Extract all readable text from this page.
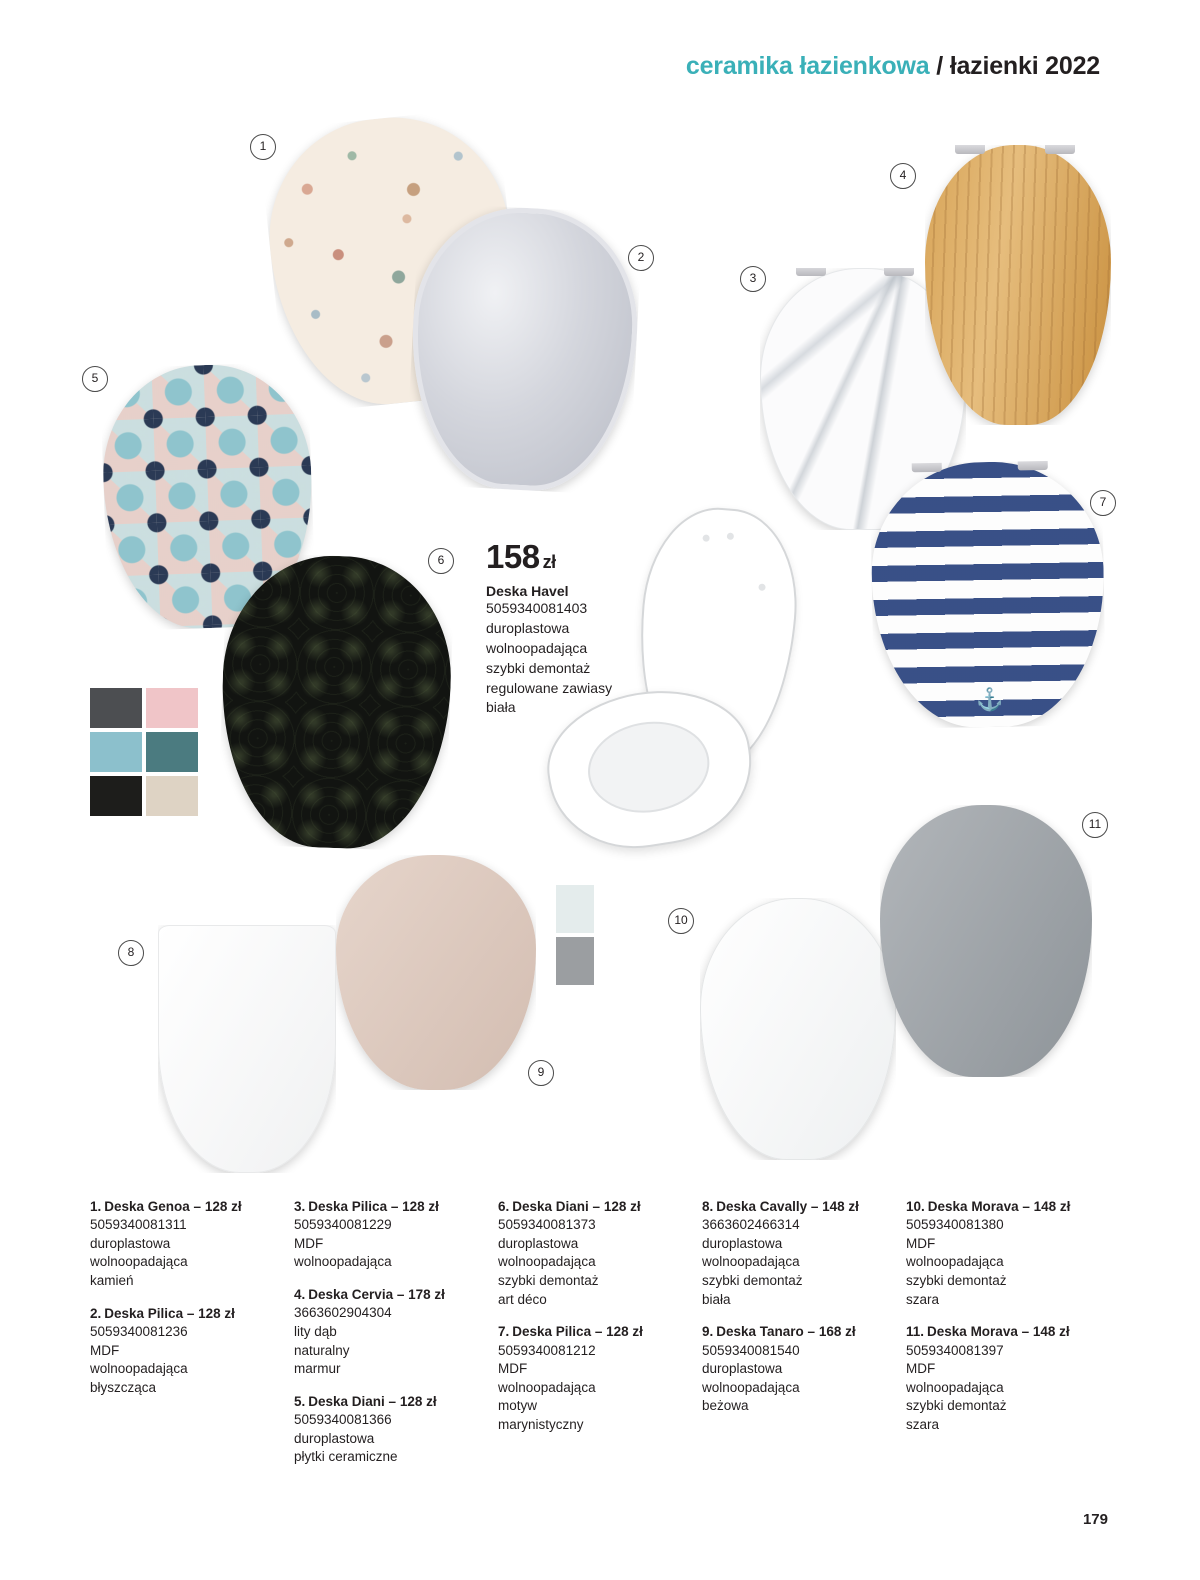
ceramika łazienkowa / łazienki 2022
⚓
1
2
3
4
5
6
7
8
9
10
11
158 zł
Deska Havel
5059340081403
duroplastowa
wolnoopadająca
szybki demontaż
regulowane zawiasy
biała
1. Deska Genoa – 128 zł
5059340081311
duroplastowa
wolnoopadająca
kamień
2. Deska Pilica – 128 zł
5059340081236
MDF
wolnoopadająca
błyszcząca
3. Deska Pilica – 128 zł
5059340081229
MDF
wolnoopadająca
4. Deska Cervia – 178 zł
3663602904304
lity dąb
naturalny
marmur
5. Deska Diani – 128 zł
5059340081366
duroplastowa
płytki ceramiczne
6. Deska Diani – 128 zł
5059340081373
duroplastowa
wolnoopadająca
szybki demontaż
art déco
7. Deska Pilica – 128 zł
5059340081212
MDF
wolnoopadająca
motyw
marynistyczny
8. Deska Cavally – 148 zł
3663602466314
duroplastowa
wolnoopadająca
szybki demontaż
biała
9. Deska Tanaro – 168 zł
5059340081540
duroplastowa
wolnoopadająca
beżowa
10. Deska Morava – 148 zł
5059340081380
MDF
wolnoopadająca
szybki demontaż
szara
11. Deska Morava – 148 zł
5059340081397
MDF
wolnoopadająca
szybki demontaż
szara
179
